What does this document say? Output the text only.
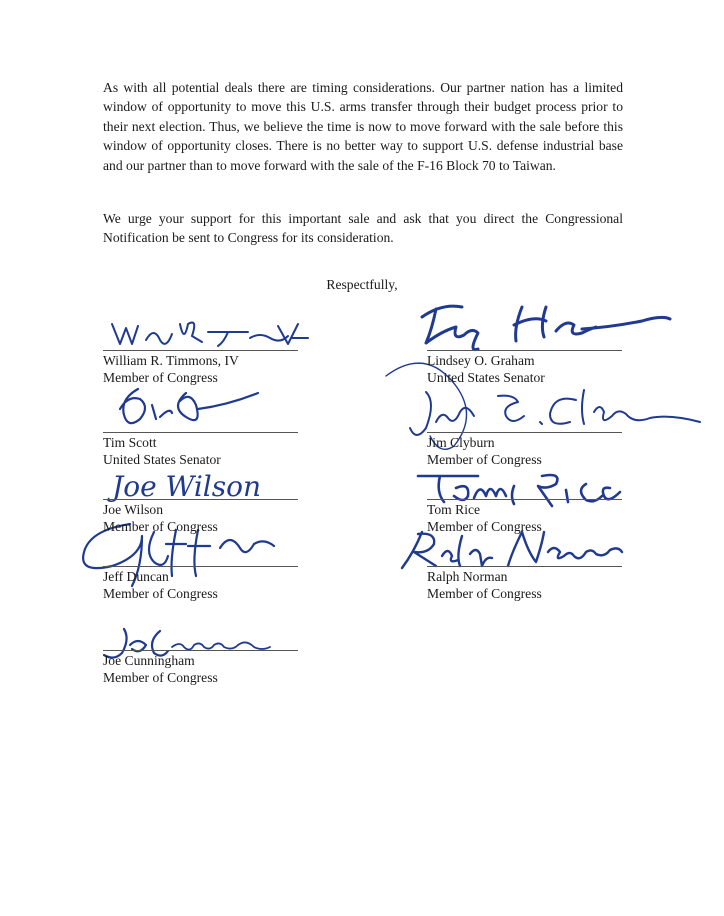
As with all potential deals there are timing considerations. Our partner nation has a limited window of opportunity to move this U.S. arms transfer through their budget process prior to their next election. Thus, we believe the time is now to move forward with the sale before this window of opportunity closes. There is no better way to support U.S. defense industrial base and our partner than to move forward with the sale of the F-16 Block 70 to Taiwan.

We urge your support for this important sale and ask that you direct the Congressional Notification be sent to Congress for its consideration.

Respectfully,
Joe Wilson
William R. Timmons, IV
Member of Congress
Tim Scott
United States Senator
Joe Wilson
Member of Congress
Jeff Duncan
Member of Congress
Joe Cunningham
Member of Congress
Lindsey O. Graham
United States Senator
Jim Clyburn
Member of Congress
Tom Rice
Member of Congress
Ralph Norman
Member of Congress
